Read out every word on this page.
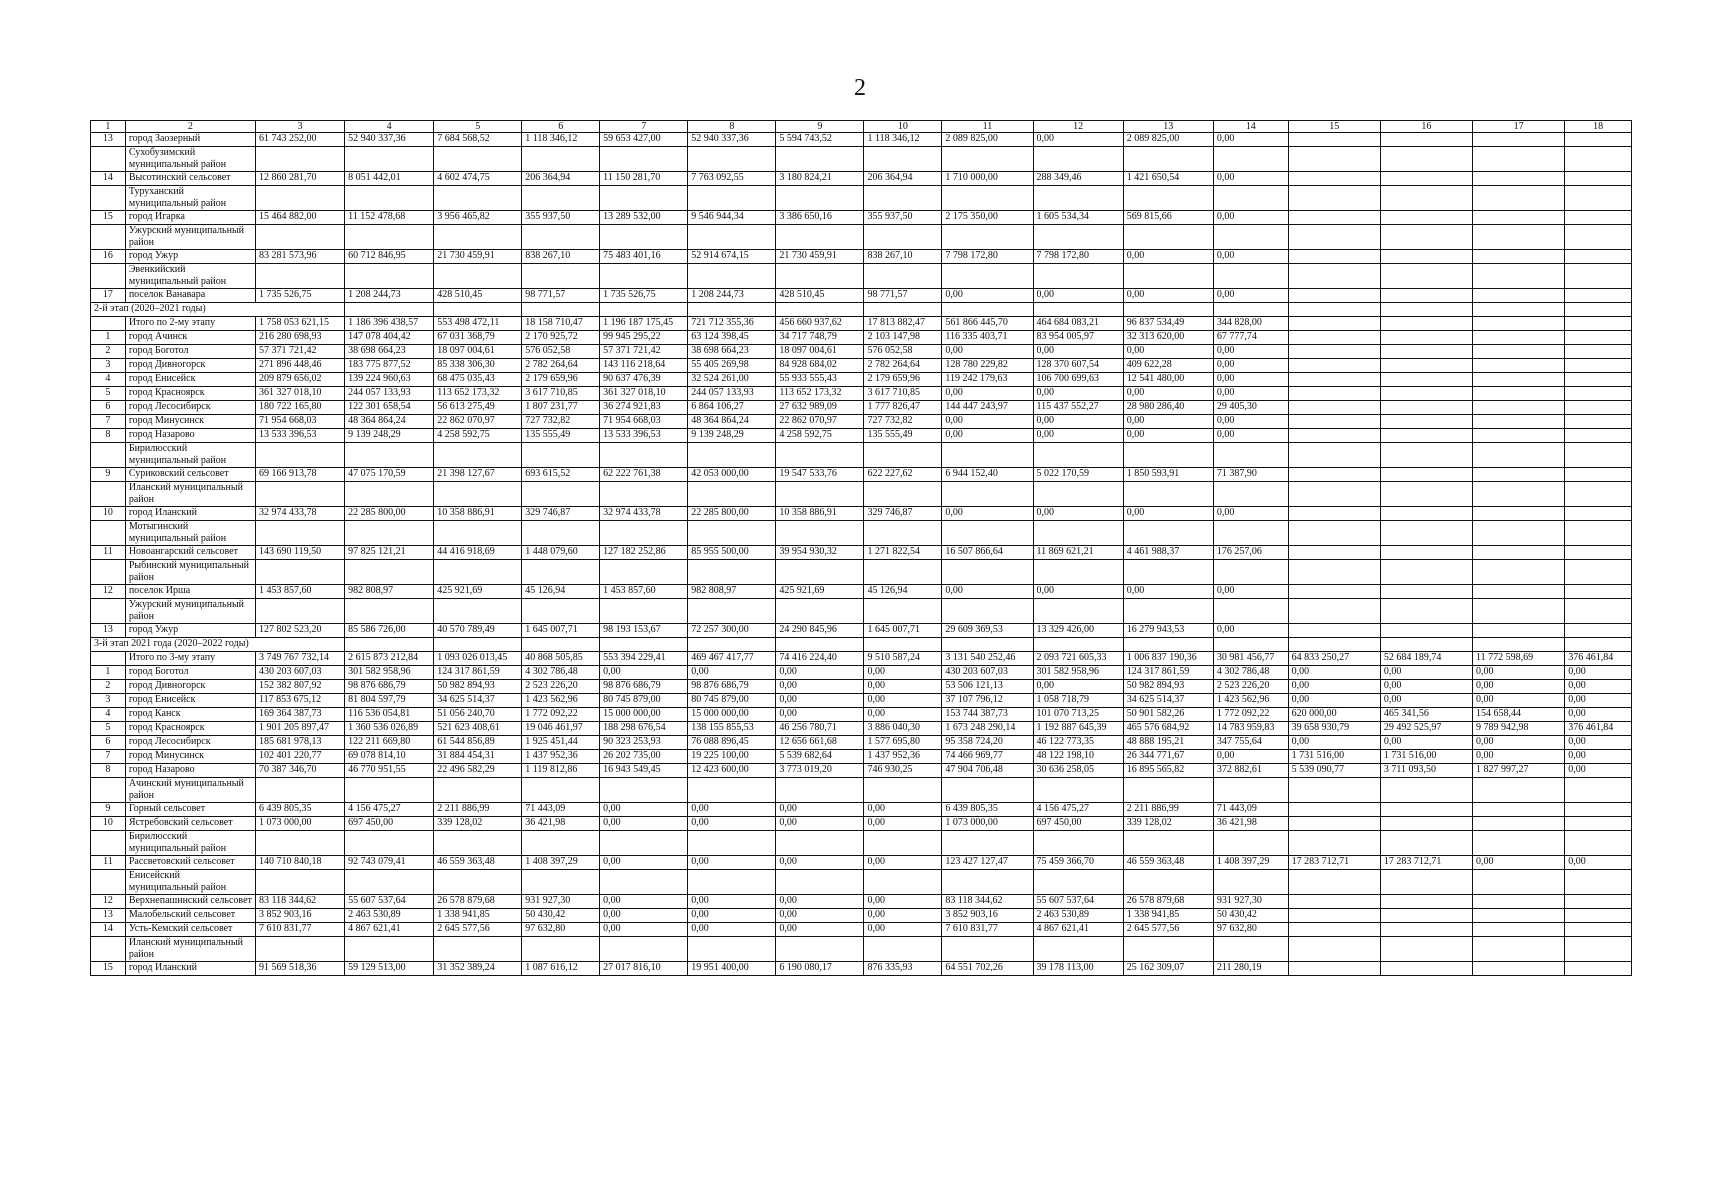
2
1	2	3	4	5	6	7	8	9	10	11	12	13	14	15	16	17	18
13	город Заозерный	61 743 252,00	52 940 337,36	7 684 568,52	1 118 346,12	59 653 427,00	52 940 337,36	5 594 743,52	1 118 346,12	2 089 825,00	0,00	2 089 825,00	0,00				
	Сухобузимский муниципальный район																
14	Высотинский сельсовет	12 860 281,70	8 051 442,01	4 602 474,75	206 364,94	11 150 281,70	7 763 092,55	3 180 824,21	206 364,94	1 710 000,00	288 349,46	1 421 650,54	0,00				
	Туруханский муниципальный район																
15	город Игарка	15 464 882,00	11 152 478,68	3 956 465,82	355 937,50	13 289 532,00	9 546 944,34	3 386 650,16	355 937,50	2 175 350,00	1 605 534,34	569 815,66	0,00				
	Ужурский муниципальный район																
16	город Ужур	83 281 573,96	60 712 846,95	21 730 459,91	838 267,10	75 483 401,16	52 914 674,15	21 730 459,91	838 267,10	7 798 172,80	7 798 172,80	0,00	0,00				
	Эвенкийский муниципальный район																
17	поселок Ванавара	1 735 526,75	1 208 244,73	428 510,45	98 771,57	1 735 526,75	1 208 244,73	428 510,45	98 771,57	0,00	0,00	0,00	0,00				
2-й этап (2020–2021 годы)																	
	Итого по 2-му этапу	1 758 053 621,15	1 186 396 438,57	553 498 472,11	18 158 710,47	1 196 187 175,45	721 712 355,36	456 660 937,62	17 813 882,47	561 866 445,70	464 684 083,21	96 837 534,49	344 828,00				
1	город Ачинск	216 280 698,93	147 078 404,42	67 031 368,79	2 170 925,72	99 945 295,22	63 124 398,45	34 717 748,79	2 103 147,98	116 335 403,71	83 954 005,97	32 313 620,00	67 777,74				
2	город Боготол	57 371 721,42	38 698 664,23	18 097 004,61	576 052,58	57 371 721,42	38 698 664,23	18 097 004,61	576 052,58	0,00	0,00	0,00	0,00				
3	город Дивногорск	271 896 448,46	183 775 877,52	85 338 306,30	2 782 264,64	143 116 218,64	55 405 269,98	84 928 684,02	2 782 264,64	128 780 229,82	128 370 607,54	409 622,28	0,00				
4	город Енисейск	209 879 656,02	139 224 960,63	68 475 035,43	2 179 659,96	90 637 476,39	32 524 261,00	55 933 555,43	2 179 659,96	119 242 179,63	106 700 699,63	12 541 480,00	0,00				
5	город Красноярск	361 327 018,10	244 057 133,93	113 652 173,32	3 617 710,85	361 327 018,10	244 057 133,93	113 652 173,32	3 617 710,85	0,00	0,00	0,00	0,00				
6	город Лесосибирск	180 722 165,80	122 301 658,54	56 613 275,49	1 807 231,77	36 274 921,83	6 864 106,27	27 632 989,09	1 777 826,47	144 447 243,97	115 437 552,27	28 980 286,40	29 405,30				
7	город Минусинск	71 954 668,03	48 364 864,24	22 862 070,97	727 732,82	71 954 668,03	48 364 864,24	22 862 070,97	727 732,82	0,00	0,00	0,00	0,00				
8	город Назарово	13 533 396,53	9 139 248,29	4 258 592,75	135 555,49	13 533 396,53	9 139 248,29	4 258 592,75	135 555,49	0,00	0,00	0,00	0,00				
	Бирилюсский муниципальный район																
9	Суриковский сельсовет	69 166 913,78	47 075 170,59	21 398 127,67	693 615,52	62 222 761,38	42 053 000,00	19 547 533,76	622 227,62	6 944 152,40	5 022 170,59	1 850 593,91	71 387,90				
	Иланский муниципальный район																
10	город Иланский	32 974 433,78	22 285 800,00	10 358 886,91	329 746,87	32 974 433,78	22 285 800,00	10 358 886,91	329 746,87	0,00	0,00	0,00	0,00				
	Мотыгинский муниципальный район																
11	Новоангарский сельсовет	143 690 119,50	97 825 121,21	44 416 918,69	1 448 079,60	127 182 252,86	85 955 500,00	39 954 930,32	1 271 822,54	16 507 866,64	11 869 621,21	4 461 988,37	176 257,06				
	Рыбинский муниципальный район																
12	поселок Ирша	1 453 857,60	982 808,97	425 921,69	45 126,94	1 453 857,60	982 808,97	425 921,69	45 126,94	0,00	0,00	0,00	0,00				
	Ужурский муниципальный район																
13	город Ужур	127 802 523,20	85 586 726,00	40 570 789,49	1 645 007,71	98 193 153,67	72 257 300,00	24 290 845,96	1 645 007,71	29 609 369,53	13 329 426,00	16 279 943,53	0,00				
3-й этап 2021 года (2020–2022 годы)																	
	Итого по 3-му этапу	3 749 767 732,14	2 615 873 212,84	1 093 026 013,45	40 868 505,85	553 394 229,41	469 467 417,77	74 416 224,40	9 510 587,24	3 131 540 252,46	2 093 721 605,33	1 006 837 190,36	30 981 456,77	64 833 250,27	52 684 189,74	11 772 598,69	376 461,84
1	город Боготол	430 203 607,03	301 582 958,96	124 317 861,59	4 302 786,48	0,00	0,00	0,00	0,00	430 203 607,03	301 582 958,96	124 317 861,59	4 302 786,48	0,00	0,00	0,00	0,00
2	город Дивногорск	152 382 807,92	98 876 686,79	50 982 894,93	2 523 226,20	98 876 686,79	98 876 686,79	0,00	0,00	53 506 121,13	0,00	50 982 894,93	2 523 226,20	0,00	0,00	0,00	0,00
3	город Енисейск	117 853 675,12	81 804 597,79	34 625 514,37	1 423 562,96	80 745 879,00	80 745 879,00	0,00	0,00	37 107 796,12	1 058 718,79	34 625 514,37	1 423 562,96	0,00	0,00	0,00	0,00
4	город Канск	169 364 387,73	116 536 054,81	51 056 240,70	1 772 092,22	15 000 000,00	15 000 000,00	0,00	0,00	153 744 387,73	101 070 713,25	50 901 582,26	1 772 092,22	620 000,00	465 341,56	154 658,44	0,00
5	город Красноярск	1 901 205 897,47	1 360 536 026,89	521 623 408,61	19 046 461,97	188 298 676,54	138 155 855,53	46 256 780,71	3 886 040,30	1 673 248 290,14	1 192 887 645,39	465 576 684,92	14 783 959,83	39 658 930,79	29 492 525,97	9 789 942,98	376 461,84
6	город Лесосибирск	185 681 978,13	122 211 669,80	61 544 856,89	1 925 451,44	90 323 253,93	76 088 896,45	12 656 661,68	1 577 695,80	95 358 724,20	46 122 773,35	48 888 195,21	347 755,64	0,00	0,00	0,00	0,00
7	город Минусинск	102 401 220,77	69 078 814,10	31 884 454,31	1 437 952,36	26 202 735,00	19 225 100,00	5 539 682,64	1 437 952,36	74 466 969,77	48 122 198,10	26 344 771,67	0,00	1 731 516,00	1 731 516,00	0,00	0,00
8	город Назарово	70 387 346,70	46 770 951,55	22 496 582,29	1 119 812,86	16 943 549,45	12 423 600,00	3 773 019,20	746 930,25	47 904 706,48	30 636 258,05	16 895 565,82	372 882,61	5 539 090,77	3 711 093,50	1 827 997,27	0,00
	Ачинский муниципальный район																
9	Горный сельсовет	6 439 805,35	4 156 475,27	2 211 886,99	71 443,09	0,00	0,00	0,00	0,00	6 439 805,35	4 156 475,27	2 211 886,99	71 443,09				
10	Ястребовский сельсовет	1 073 000,00	697 450,00	339 128,02	36 421,98	0,00	0,00	0,00	0,00	1 073 000,00	697 450,00	339 128,02	36 421,98				
	Бирилюсский муниципальный район																
11	Рассветовский сельсовет	140 710 840,18	92 743 079,41	46 559 363,48	1 408 397,29	0,00	0,00	0,00	0,00	123 427 127,47	75 459 366,70	46 559 363,48	1 408 397,29	17 283 712,71	17 283 712,71	0,00	0,00
	Енисейский муниципальный район																
12	Верхнепашинский сельсовет	83 118 344,62	55 607 537,64	26 578 879,68	931 927,30	0,00	0,00	0,00	0,00	83 118 344,62	55 607 537,64	26 578 879,68	931 927,30				
13	Малобельский сельсовет	3 852 903,16	2 463 530,89	1 338 941,85	50 430,42	0,00	0,00	0,00	0,00	3 852 903,16	2 463 530,89	1 338 941,85	50 430,42				
14	Усть-Кемский сельсовет	7 610 831,77	4 867 621,41	2 645 577,56	97 632,80	0,00	0,00	0,00	0,00	7 610 831,77	4 867 621,41	2 645 577,56	97 632,80				
	Иланский муниципальный район																
15	город Иланский	91 569 518,36	59 129 513,00	31 352 389,24	1 087 616,12	27 017 816,10	19 951 400,00	6 190 080,17	876 335,93	64 551 702,26	39 178 113,00	25 162 309,07	211 280,19				
